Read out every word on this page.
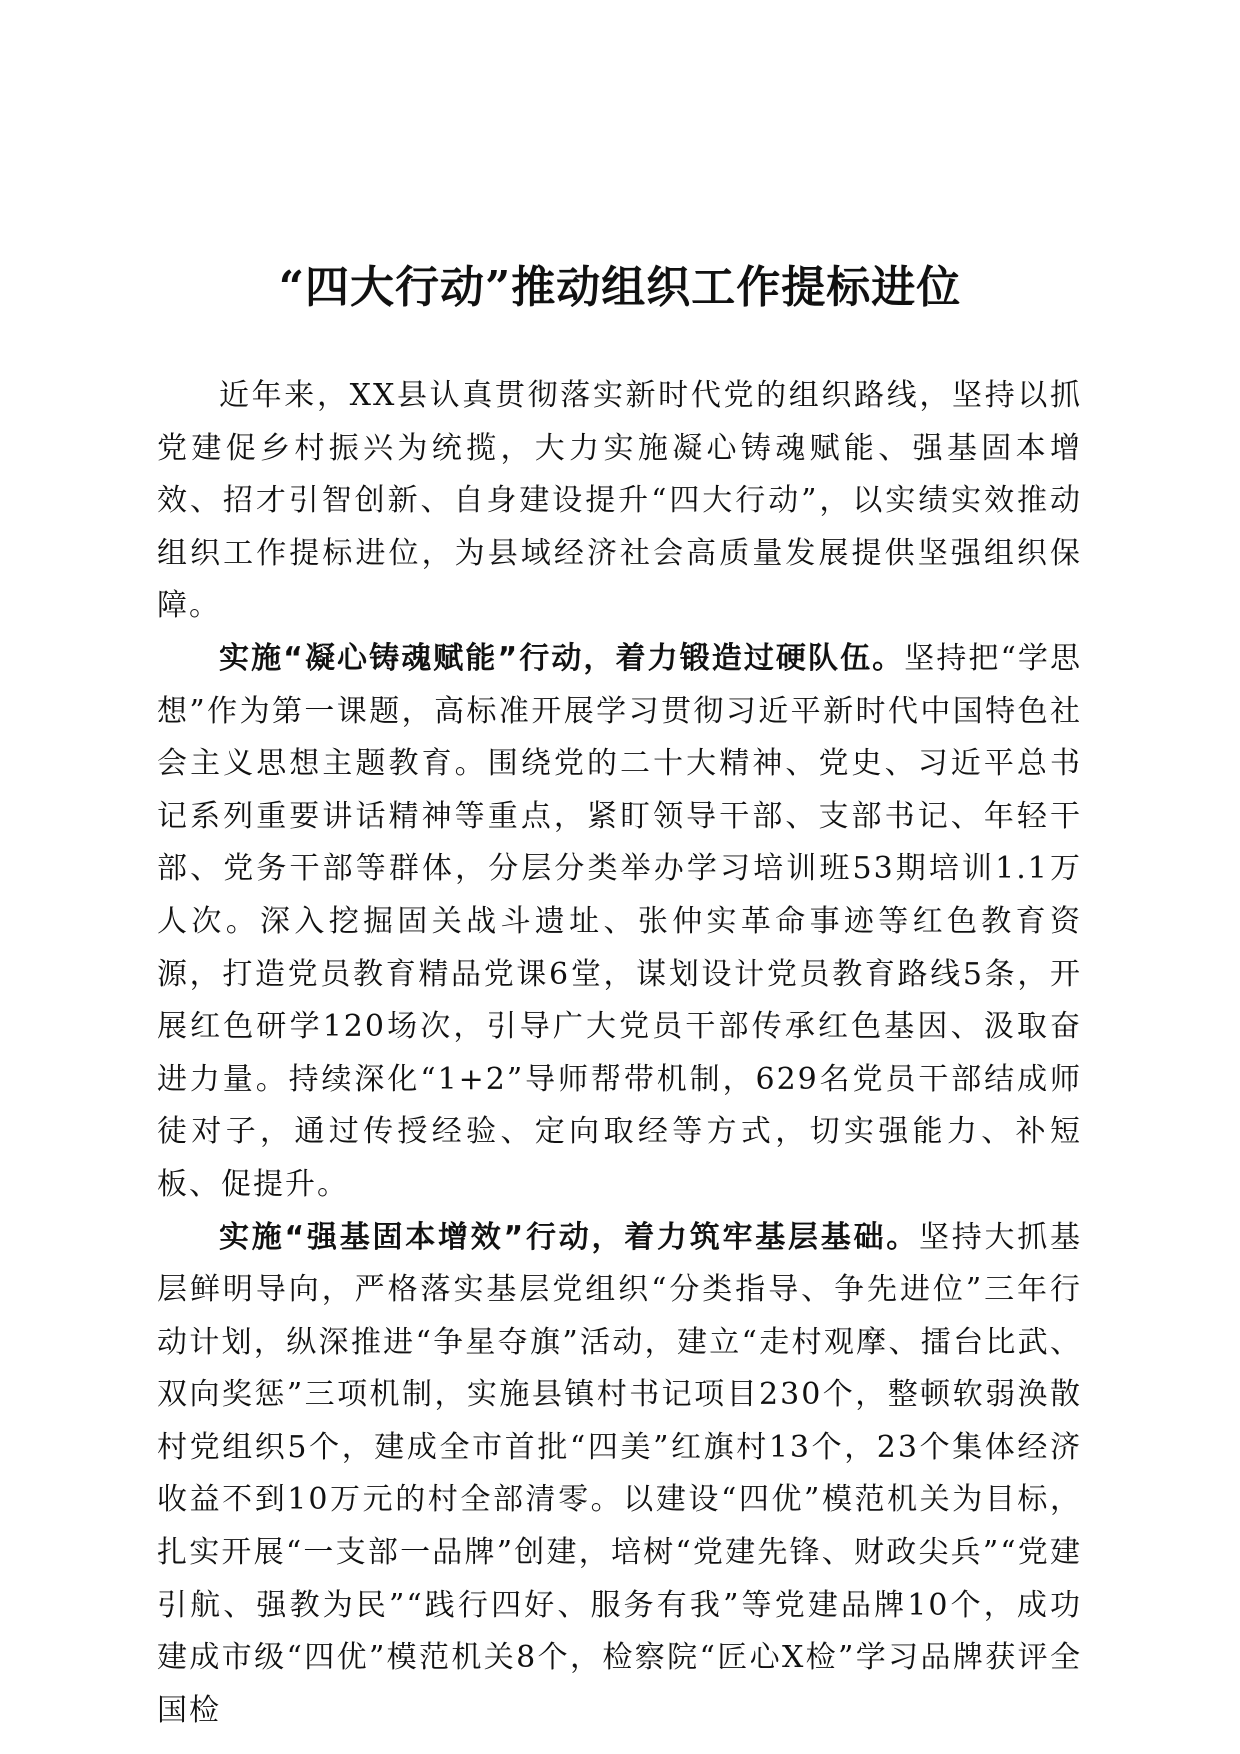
“四大行动”推动组织工作提标进位

近年来，XX县认真贯彻落实新时代党的组织路线，坚持以抓党建促乡村振兴为统揽，大力实施凝心铸魂赋能、强基固本增效、招才引智创新、自身建设提升“四大行动”，以实绩实效推动组织工作提标进位，为县域经济社会高质量发展提供坚强组织保障。

实施“凝心铸魂赋能”行动，着力锻造过硬队伍。坚持把“学思想”作为第一课题，高标准开展学习贯彻习近平新时代中国特色社会主义思想主题教育。围绕党的二十大精神、党史、习近平总书记系列重要讲话精神等重点，紧盯领导干部、支部书记、年轻干部、党务干部等群体，分层分类举办学习培训班53期培训1.1万人次。深入挖掘固关战斗遗址、张仲实革命事迹等红色教育资源，打造党员教育精品党课6堂，谋划设计党员教育路线5条，开展红色研学120场次，引导广大党员干部传承红色基因、汲取奋进力量。持续深化“1+2”导师帮带机制，629名党员干部结成师徒对子，通过传授经验、定向取经等方式，切实强能力、补短板、促提升。

实施“强基固本增效”行动，着力筑牢基层基础。坚持大抓基层鲜明导向，严格落实基层党组织“分类指导、争先进位”三年行动计划，纵深推进“争星夺旗”活动，建立“走村观摩、擂台比武、双向奖惩”三项机制，实施县镇村书记项目230个，整顿软弱涣散村党组织5个，建成全市首批“四美”红旗村13个，23个集体经济收益不到10万元的村全部清零。以建设“四优”模范机关为目标，扎实开展“一支部一品牌”创建，培树“党建先锋、财政尖兵”“党建引航、强教为民”“践行四好、服务有我”等党建品牌10个，成功建成市级“四优”模范机关8个，检察院“匠心X检”学习品牌获评全国检
